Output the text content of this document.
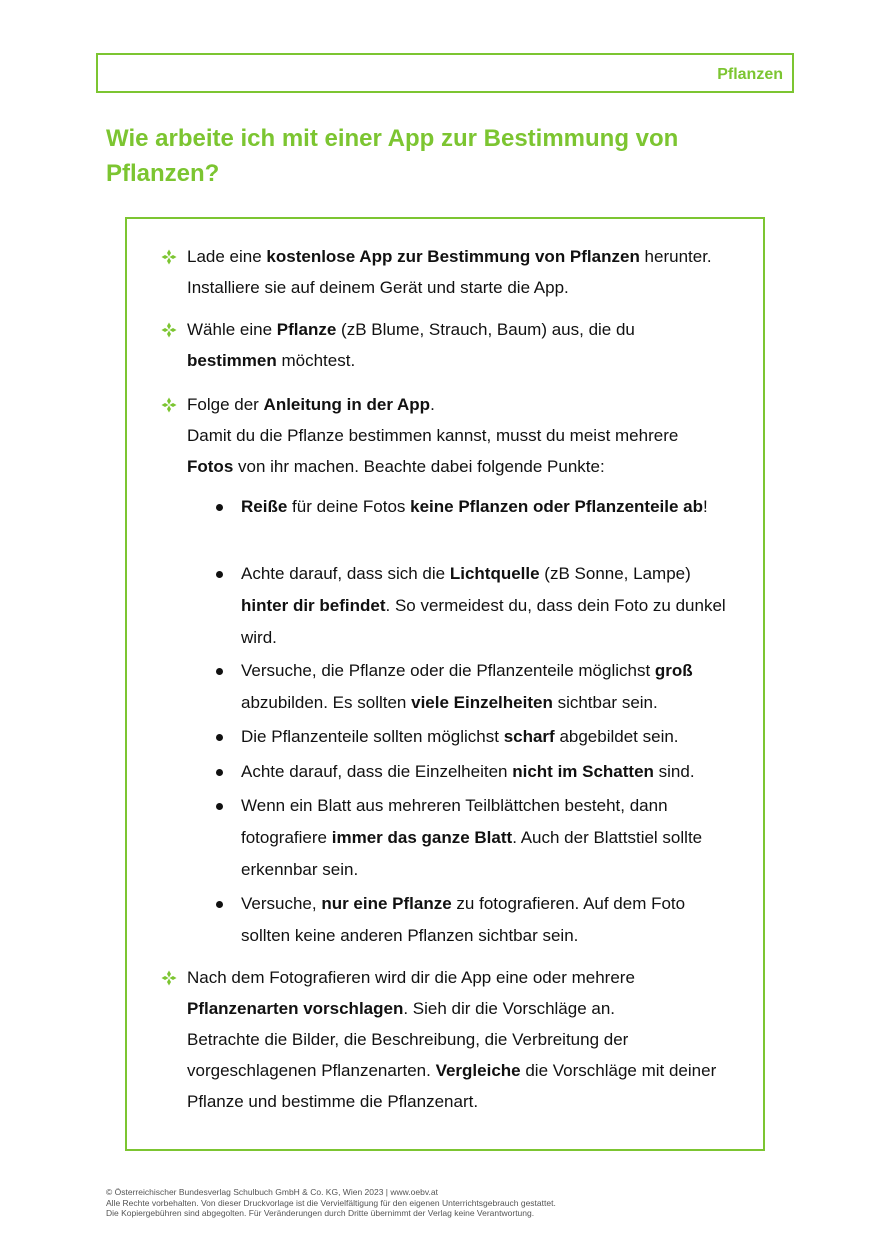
Pflanzen
Wie arbeite ich mit einer App zur Bestimmung von Pflanzen?

Lade eine kostenlose App zur Bestimmung von Pflanzen herunter. Installiere sie auf deinem Gerät und starte die App.

Wähle eine Pflanze (zB Blume, Strauch, Baum) aus, die du bestimmen möchtest.

Folge der Anleitung in der App.
Damit du die Pflanze bestimmen kannst, musst du meist mehrere Fotos von ihr machen. Beachte dabei folgende Punkte:

Reiße für deine Fotos keine Pflanzen oder Pflanzenteile ab!

Achte darauf, dass sich die Lichtquelle (zB Sonne, Lampe) hinter dir befindet. So vermeidest du, dass dein Foto zu dunkel wird.

Versuche, die Pflanze oder die Pflanzenteile möglichst groß abzubilden. Es sollten viele Einzelheiten sichtbar sein.

Die Pflanzenteile sollten möglichst scharf abgebildet sein.

Achte darauf, dass die Einzelheiten nicht im Schatten sind.

Wenn ein Blatt aus mehreren Teilblättchen besteht, dann fotografiere immer das ganze Blatt. Auch der Blattstiel sollte erkennbar sein.

Versuche, nur eine Pflanze zu fotografieren. Auf dem Foto sollten keine anderen Pflanzen sichtbar sein.

Nach dem Fotografieren wird dir die App eine oder mehrere Pflanzenarten vorschlagen. Sieh dir die Vorschläge an.
Betrachte die Bilder, die Beschreibung, die Verbreitung der vorgeschlagenen Pflanzenarten. Vergleiche die Vorschläge mit deiner Pflanze und bestimme die Pflanzenart.

© Österreichischer Bundesverlag Schulbuch GmbH & Co. KG, Wien 2023 | www.oebv.at
Alle Rechte vorbehalten. Von dieser Druckvorlage ist die Vervielfältigung für den eigenen Unterrichtsgebrauch gestattet.
Die Kopiergebühren sind abgegolten. Für Veränderungen durch Dritte übernimmt der Verlag keine Verantwortung.
